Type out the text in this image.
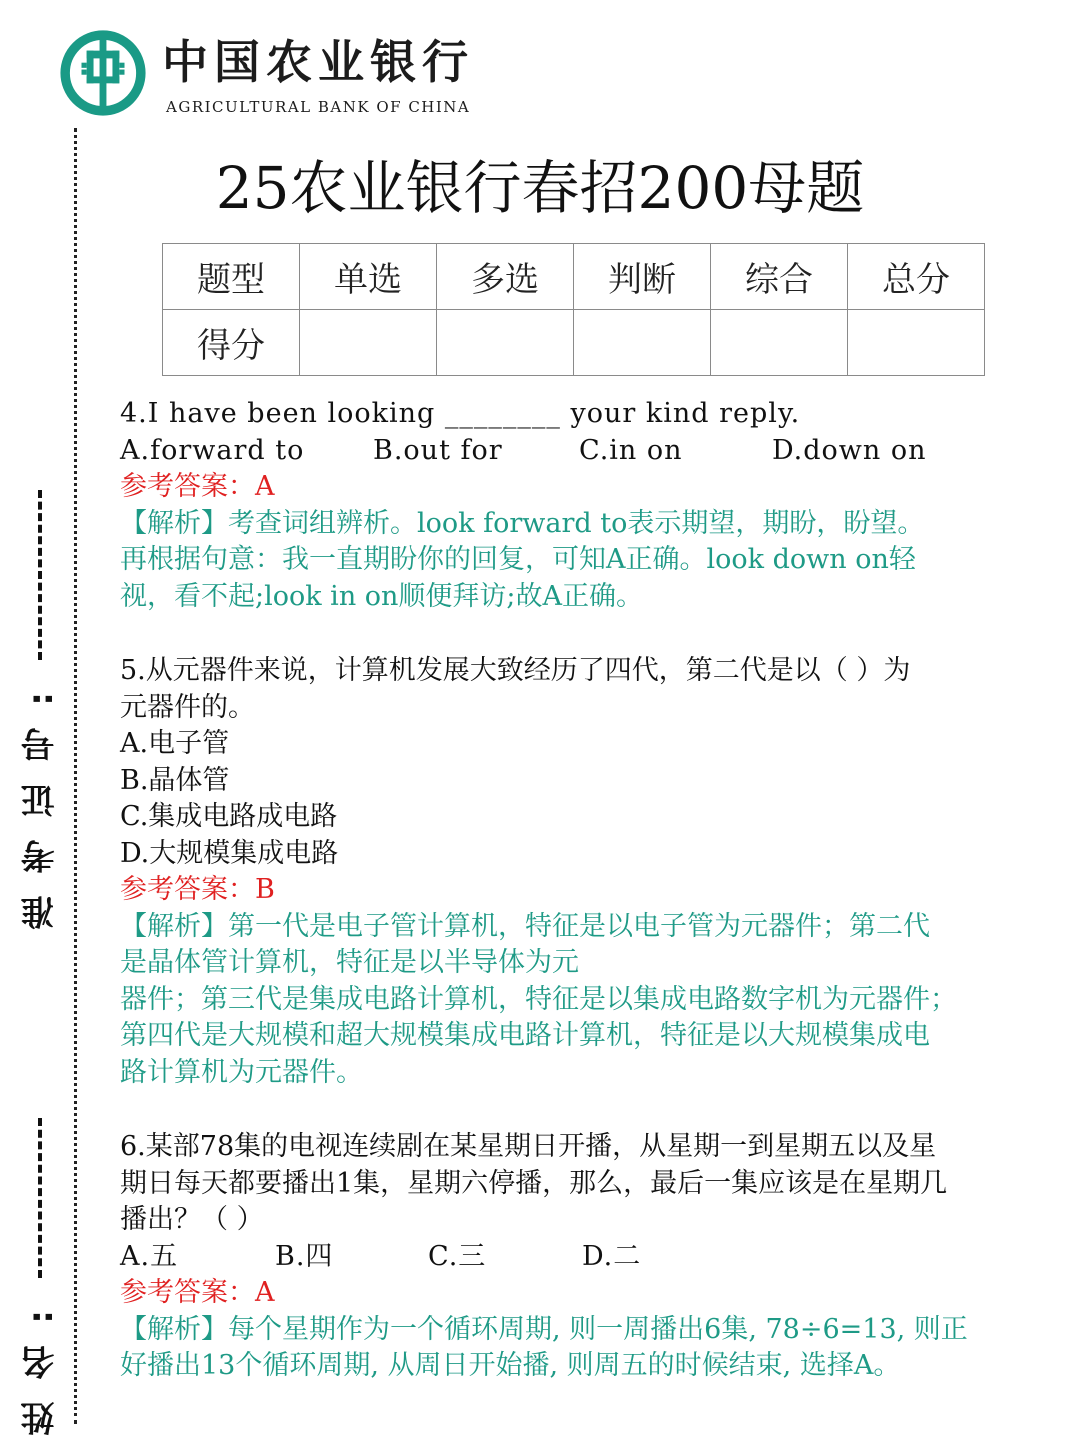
准考证号:
姓名:
中国农业银行
AGRICULTURAL BANK OF CHINA
25农业银行春招200母题
题型	单选	多选	判断	综合	总分
得分					
4.I have been looking ________ your kind reply.
A.forward to	B.out for	C.in on	D.down on
参考答案：A
【解析】考查词组辨析。look forward to表示期望，期盼，盼望。
再根据句意：我一直期盼你的回复，可知A正确。look down on轻
视，看不起;look in on顺便拜访;故A正确。
5.从元器件来说，计算机发展大致经历了四代，第二代是以（ ）为
元器件的。
A.电子管
B.晶体管
C.集成电路成电路
D.大规模集成电路
参考答案：B
【解析】第一代是电子管计算机，特征是以电子管为元器件；第二代
是晶体管计算机，特征是以半导体为元
器件；第三代是集成电路计算机，特征是以集成电路数字机为元器件；
第四代是大规模和超大规模集成电路计算机，特征是以大规模集成电
路计算机为元器件。
6.某部78集的电视连续剧在某星期日开播，从星期一到星期五以及星
期日每天都要播出1集，星期六停播，那么，最后一集应该是在星期几
播出？（ ）
A.五	B.四	C.三	D.二
参考答案：A
【解析】每个星期作为一个循环周期, 则一周播出6集, 78÷6=13, 则正
好播出13个循环周期, 从周日开始播, 则周五的时候结束, 选择A。
